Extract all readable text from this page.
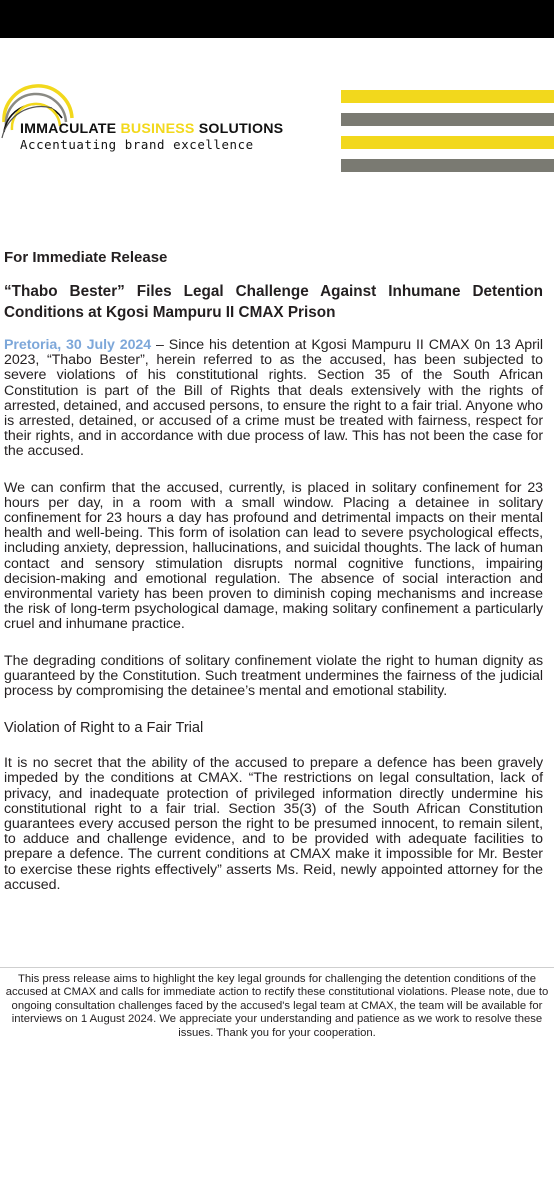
IMMACULATE BUSINESS SOLUTIONS
Accentuating brand excellence

For Immediate Release

“Thabo Bester” Files Legal Challenge Against Inhumane Detention Conditions at Kgosi Mampuru II CMAX Prison

Pretoria, 30 July 2024 – Since his detention at Kgosi Mampuru II CMAX 0n 13 April 2023, “Thabo Bester”, herein referred to as the accused, has been subjected to severe violations of his constitutional rights. Section 35 of the South African Constitution is part of the Bill of Rights that deals extensively with the rights of arrested, detained, and accused persons, to ensure the right to a fair trial. Anyone who is arrested, detained, or accused of a crime must be treated with fairness, respect for their rights, and in accordance with due process of law. This has not been the case for the accused.

We can confirm that the accused, currently, is placed in solitary confinement for 23 hours per day, in a room with a small window. Placing a detainee in solitary confinement for 23 hours a day has profound and detrimental impacts on their mental health and well-being. This form of isolation can lead to severe psychological effects, including anxiety, depression, hallucinations, and suicidal thoughts. The lack of human contact and sensory stimulation disrupts normal cognitive functions, impairing decision-making and emotional regulation. The absence of social interaction and environmental variety has been proven to diminish coping mechanisms and increase the risk of long-term psychological damage, making solitary confinement a particularly cruel and inhumane practice.

The degrading conditions of solitary confinement violate the right to human dignity as guaranteed by the Constitution. Such treatment undermines the fairness of the judicial process by compromising the detainee’s mental and emotional stability.

Violation of Right to a Fair Trial

It is no secret that the ability of the accused to prepare a defence has been gravely impeded by the conditions at CMAX. “The restrictions on legal consultation, lack of privacy, and inadequate protection of privileged information directly undermine his constitutional right to a fair trial. Section 35(3) of the South African Constitution guarantees every accused person the right to be presumed innocent, to remain silent, to adduce and challenge evidence, and to be provided with adequate facilities to prepare a defence. The current conditions at CMAX make it impossible for Mr. Bester to exercise these rights effectively” asserts Ms. Reid, newly appointed attorney for the accused.

This press release aims to highlight the key legal grounds for challenging the detention conditions of the accused at CMAX and calls for immediate action to rectify these constitutional violations. Please note, due to ongoing consultation challenges faced by the accused's legal team at CMAX, the team will be available for interviews on 1 August 2024. We appreciate your understanding and patience as we work to resolve these issues. Thank you for your cooperation.
